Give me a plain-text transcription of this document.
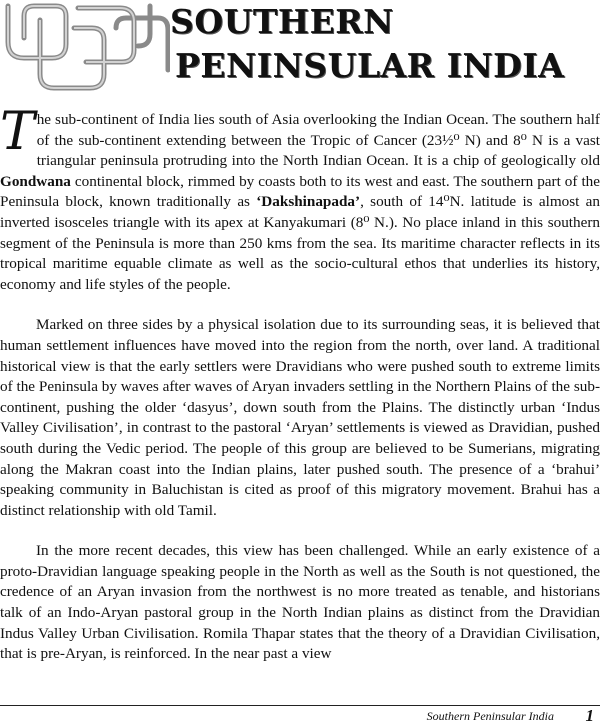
SOUTHERN
PENINSULAR INDIA

The sub-continent of India lies south of Asia overlooking the Indian Ocean. The southern half of the sub-continent extending between the Tropic of Cancer (23½⁰ N) and 8⁰ N is a vast triangular peninsula protruding into the North Indian Ocean. It is a chip of geologically old Gondwana continental block, rimmed by coasts both to its west and east. The southern part of the Peninsula block, known traditionally as ‘Dakshinapada’, south of 14⁰N. latitude is almost an inverted isosceles triangle with its apex at Kanyakumari (8⁰ N.). No place inland in this southern segment of the Peninsula is more than 250 kms from the sea. Its maritime character reflects in its tropical maritime equable climate as well as the socio-cultural ethos that underlies its history, economy and life styles of the people.

Marked on three sides by a physical isolation due to its surrounding seas, it is believed that human settlement influences have moved into the region from the north, over land. A traditional historical view is that the early settlers were Dravidians who were pushed south to extreme limits of the Peninsula by waves after waves of Aryan invaders settling in the Northern Plains of the sub-continent, pushing the older ‘dasyus’, down south from the Plains. The distinctly urban ‘Indus Valley Civilisation’, in contrast to the pastoral ‘Aryan’ settlements is viewed as Dravidian, pushed south during the Vedic period. The people of this group are believed to be Sumerians, migrating along the Makran coast into the Indian plains, later pushed south. The presence of a ‘brahui’ speaking community in Baluchistan is cited as proof of this migratory movement. Brahui has a distinct relationship with old Tamil.

In the more recent decades, this view has been challenged. While an early existence of a proto-Dravidian language speaking people in the North as well as the South is not questioned, the credence of an Aryan invasion from the northwest is no more treated as tenable, and historians talk of an Indo-Aryan pastoral group in the North Indian plains as distinct from the Dravidian Indus Valley Urban Civilisation. Romila Thapar states that the theory of a Dravidian Civilisation, that is pre-Aryan, is reinforced. In the near past a view

Southern Peninsular India 1
